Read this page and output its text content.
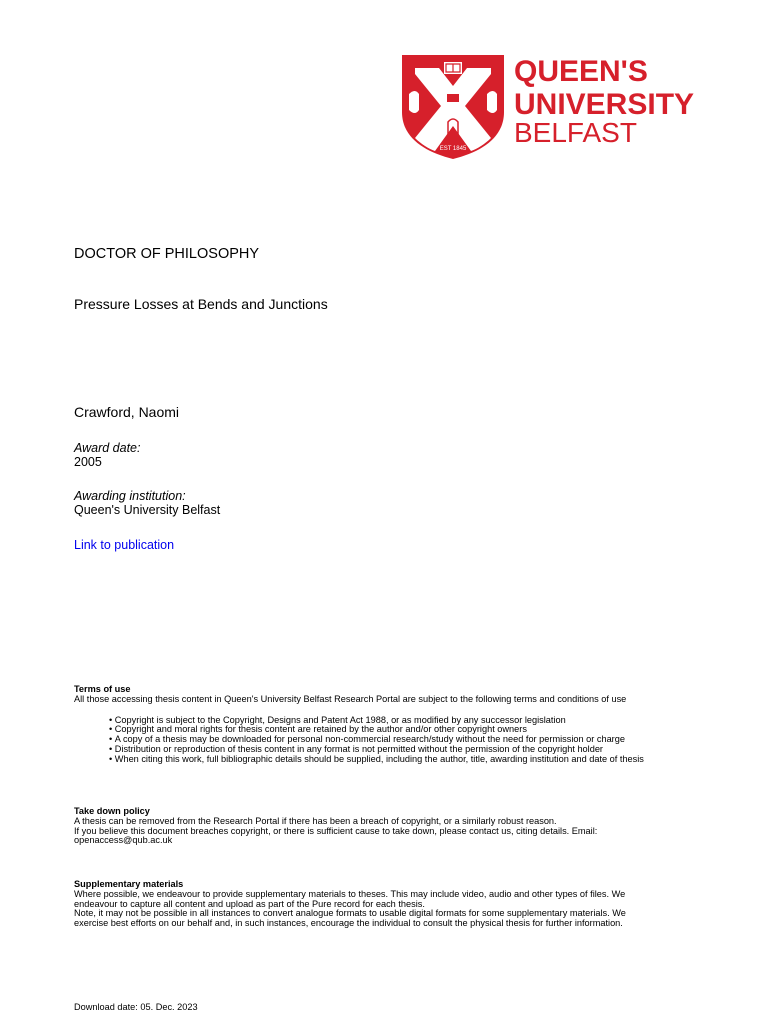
EST 1845
QUEEN'S
UNIVERSITY
BELFAST
DOCTOR OF PHILOSOPHY
Pressure Losses at Bends and Junctions
Crawford, Naomi
Award date:
2005
Awarding institution:
Queen's University Belfast
Link to publication
Terms of use
All those accessing thesis content in Queen's University Belfast Research Portal are subject to the following terms and conditions of use
• Copyright is subject to the Copyright, Designs and Patent Act 1988, or as modified by any successor legislation
• Copyright and moral rights for thesis content are retained by the author and/or other copyright owners
• A copy of a thesis may be downloaded for personal non-commercial research/study without the need for permission or charge
• Distribution or reproduction of thesis content in any format is not permitted without the permission of the copyright holder
• When citing this work, full bibliographic details should be supplied, including the author, title, awarding institution and date of thesis
Take down policy
A thesis can be removed from the Research Portal if there has been a breach of copyright, or a similarly robust reason.
If you believe this document breaches copyright, or there is sufficient cause to take down, please contact us, citing details. Email:
openaccess@qub.ac.uk
Supplementary materials
Where possible, we endeavour to provide supplementary materials to theses. This may include video, audio and other types of files. We
endeavour to capture all content and upload as part of the Pure record for each thesis.
Note, it may not be possible in all instances to convert analogue formats to usable digital formats for some supplementary materials. We
exercise best efforts on our behalf and, in such instances, encourage the individual to consult the physical thesis for further information.
Download date: 05. Dec. 2023
